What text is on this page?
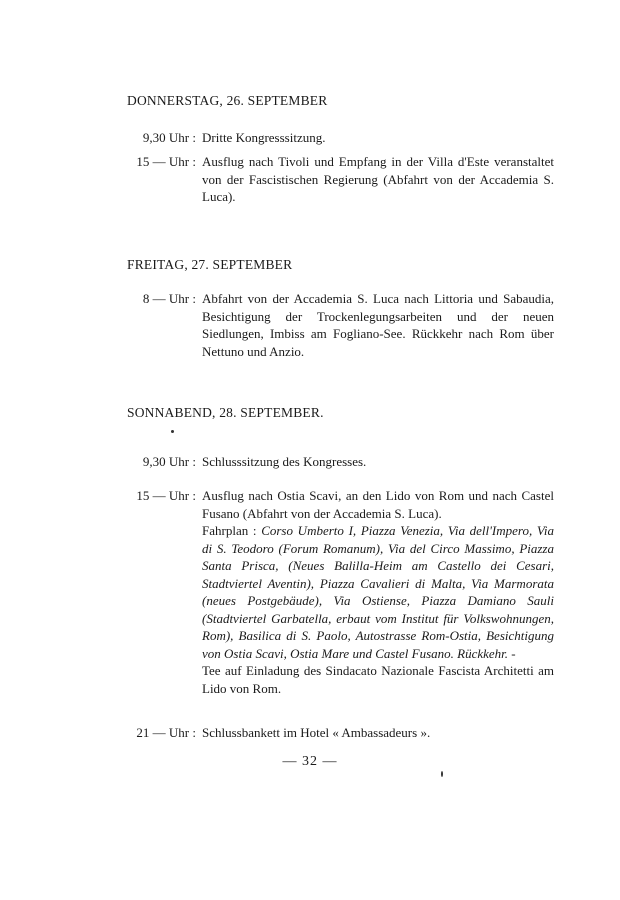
DONNERSTAG, 26. SEPTEMBER
9,30 Uhr : Dritte Kongresssitzung.
15 — Uhr : Ausflug nach Tivoli und Empfang in der Villa d'Este veranstaltet von der Fascistischen Regierung (Abfahrt von der Accademia S. Luca).
FREITAG, 27. SEPTEMBER
8 — Uhr : Abfahrt von der Accademia S. Luca nach Littoria und Sabaudia, Besichtigung der Trockenlegungsarbeiten und der neuen Siedlungen, Imbiss am Fogliano-See. Rückkehr nach Rom über Nettuno und Anzio.
SONNABEND, 28. SEPTEMBER.
9,30 Uhr : Schlusssitzung des Kongresses.
15 — Uhr : Ausflug nach Ostia Scavi, an den Lido von Rom und nach Castel Fusano (Abfahrt von der Accademia S. Luca).

Fahrplan : Corso Umberto I, Piazza Venezia, Via dell'Impero, Via di S. Teodoro (Forum Romanum), Via del Circo Massimo, Piazza Santa Prisca, (Neues Balilla-Heim am Castello dei Cesari, Stadtviertel Aventin), Piazza Cavalieri di Malta, Via Marmorata (neues Postgebäude), Via Ostiense, Piazza Damiano Sauli (Stadtviertel Garbatella, erbaut vom Institut für Volkswohnungen, Rom), Basilica di S. Paolo, Autostrasse Rom-Ostia, Besichtigung von Ostia Scavi, Ostia Mare und Castel Fusano. Rückkehr. -

Tee auf Einladung des Sindacato Nazionale Fascista Architetti am Lido von Rom.

21 — Uhr : Schlussbankett im Hotel « Ambassadeurs ».
— 32 —
